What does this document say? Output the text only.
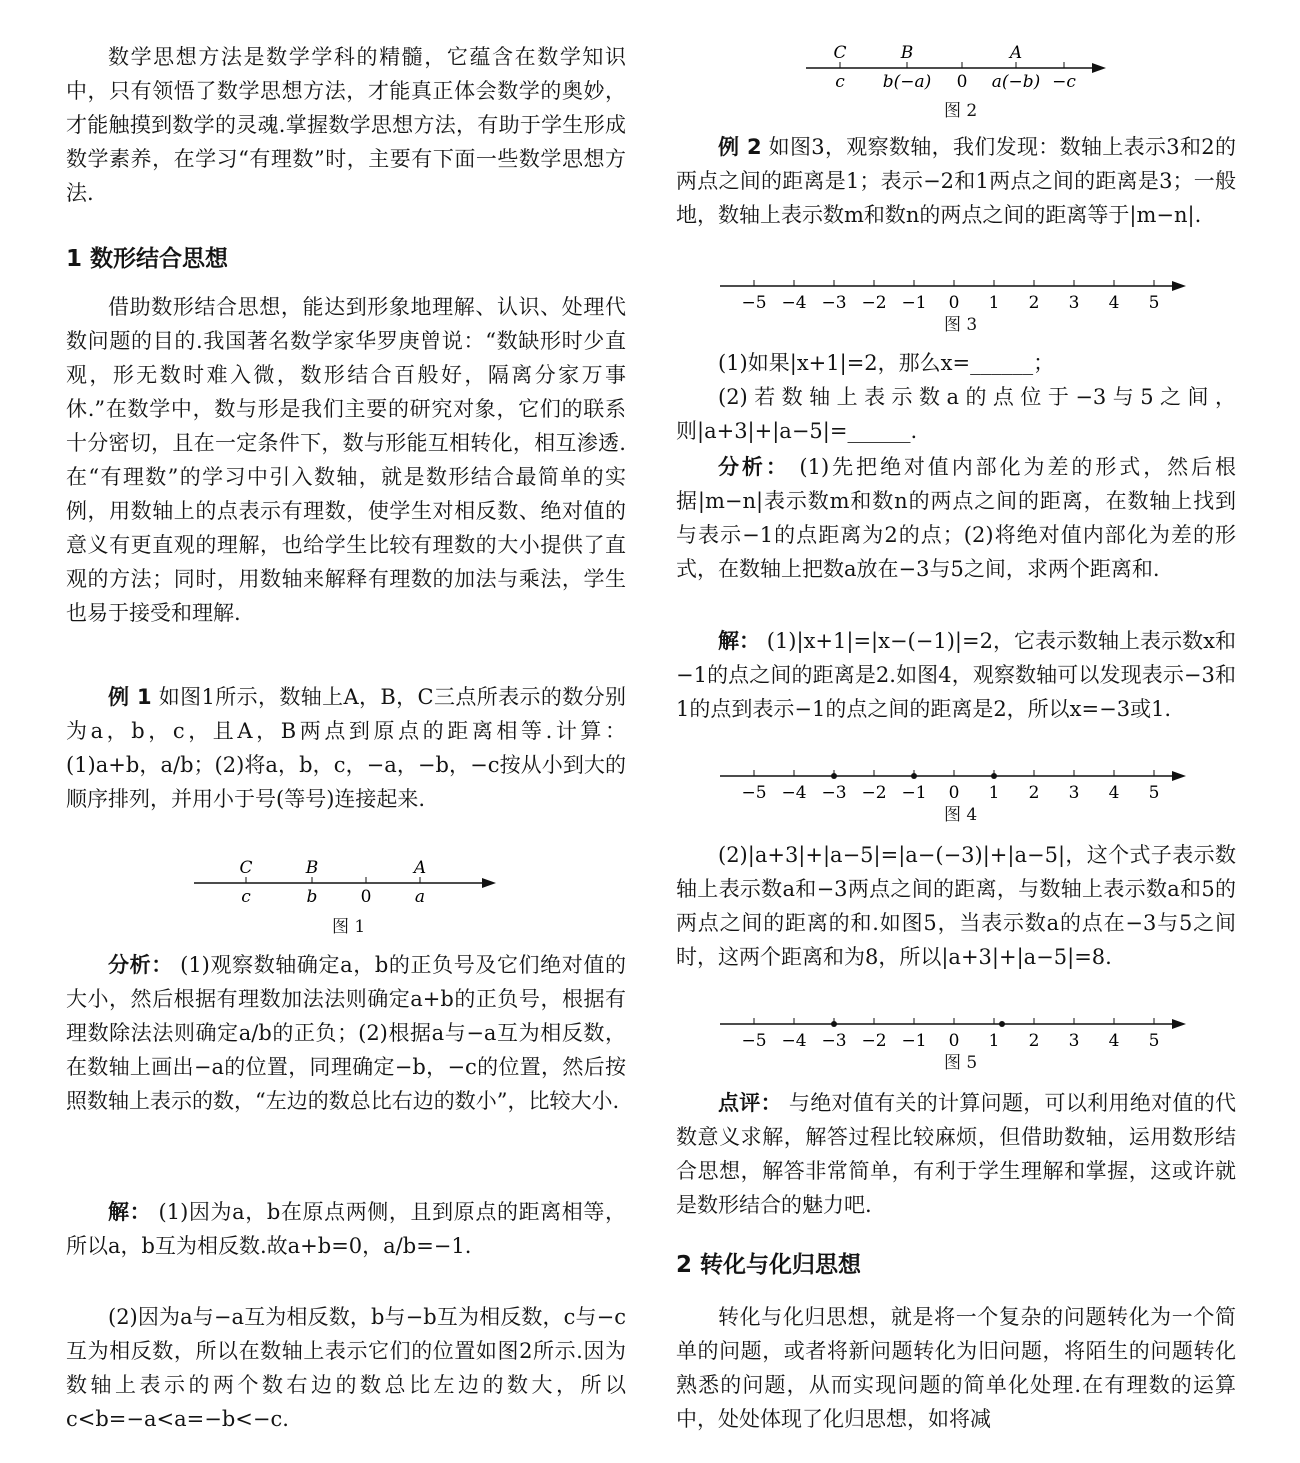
数学思想方法是数学学科的精髓，它蕴含在数学知识中，只有领悟了数学思想方法，才能真正体会数学的奥妙，才能触摸到数学的灵魂.掌握数学思想方法，有助于学生形成数学素养，在学习“有理数”时，主要有下面一些数学思想方法.
1 数形结合思想
借助数形结合思想，能达到形象地理解、认识、处理代数问题的目的.我国著名数学家华罗庚曾说：“数缺形时少直观，形无数时难入微，数形结合百般好，隔离分家万事休.”在数学中，数与形是我们主要的研究对象，它们的联系十分密切，且在一定条件下，数与形能互相转化，相互渗透.在“有理数”的学习中引入数轴，就是数形结合最简单的实例，用数轴上的点表示有理数，使学生对相反数、绝对值的意义有更直观的理解，也给学生比较有理数的大小提供了直观的方法；同时，用数轴来解释有理数的加法与乘法，学生也易于接受和理解.
例 1 如图1所示，数轴上A，B，C三点所表示的数分别为a，b，c，且A，B两点到原点的距离相等.计算：(1)a+b，a/b；(2)将a，b，c，−a，−b，−c按从小到大的顺序排列，并用小于号(等号)连接起来.
C	B	A
c	b	0	a
图 1
分析： (1)观察数轴确定a，b的正负号及它们绝对值的大小，然后根据有理数加法法则确定a+b的正负号，根据有理数除法法则确定a/b的正负；(2)根据a与−a互为相反数，在数轴上画出−a的位置，同理确定−b，−c的位置，然后按照数轴上表示的数，“左边的数总比右边的数小”，比较大小.
解： (1)因为a，b在原点两侧，且到原点的距离相等，所以a，b互为相反数.故a+b=0，a/b=−1.
(2)因为a与−a互为相反数，b与−b互为相反数，c与−c互为相反数，所以在数轴上表示它们的位置如图2所示.因为数轴上表示的两个数右边的数总比左边的数大，所以c<b=−a<a=−b<−c.
C	B	A
c b(−a) 0 a(−b) −c
图 2
例 2 如图3，观察数轴，我们发现：数轴上表示3和2的两点之间的距离是1；表示−2和1两点之间的距离是3；一般地，数轴上表示数m和数n的两点之间的距离等于|m−n|.
−5 −4 −3 −2 −1 0 1 2 3 4 5
图 3
(1)如果|x+1|=2，那么x=______；
(2)若数轴上表示数a的点位于−3与5之间，则|a+3|+|a−5|=______.
分析： (1)先把绝对值内部化为差的形式，然后根据|m−n|表示数m和数n的两点之间的距离，在数轴上找到与表示−1的点距离为2的点；(2)将绝对值内部化为差的形式，在数轴上把数a放在−3与5之间，求两个距离和.
解： (1)|x+1|=|x−(−1)|=2，它表示数轴上表示数x和−1的点之间的距离是2.如图4，观察数轴可以发现表示−3和1的点到表示−1的点之间的距离是2，所以x=−3或1.
−5 −4 −3 −2 −1 0 1 2 3 4 5
图 4
(2)|a+3|+|a−5|=|a−(−3)|+|a−5|，这个式子表示数轴上表示数a和−3两点之间的距离，与数轴上表示数a和5的两点之间的距离的和.如图5，当表示数a的点在−3与5之间时，这两个距离和为8，所以|a+3|+|a−5|=8.
−5 −4 −3 −2 −1 0 1 2 3 4 5
图 5
点评： 与绝对值有关的计算问题，可以利用绝对值的代数意义求解，解答过程比较麻烦，但借助数轴，运用数形结合思想，解答非常简单，有利于学生理解和掌握，这或许就是数形结合的魅力吧.
2 转化与化归思想
转化与化归思想，就是将一个复杂的问题转化为一个简单的问题，或者将新问题转化为旧问题，将陌生的问题转化熟悉的问题，从而实现问题的简单化处理.在有理数的运算中，处处体现了化归思想，如将减
